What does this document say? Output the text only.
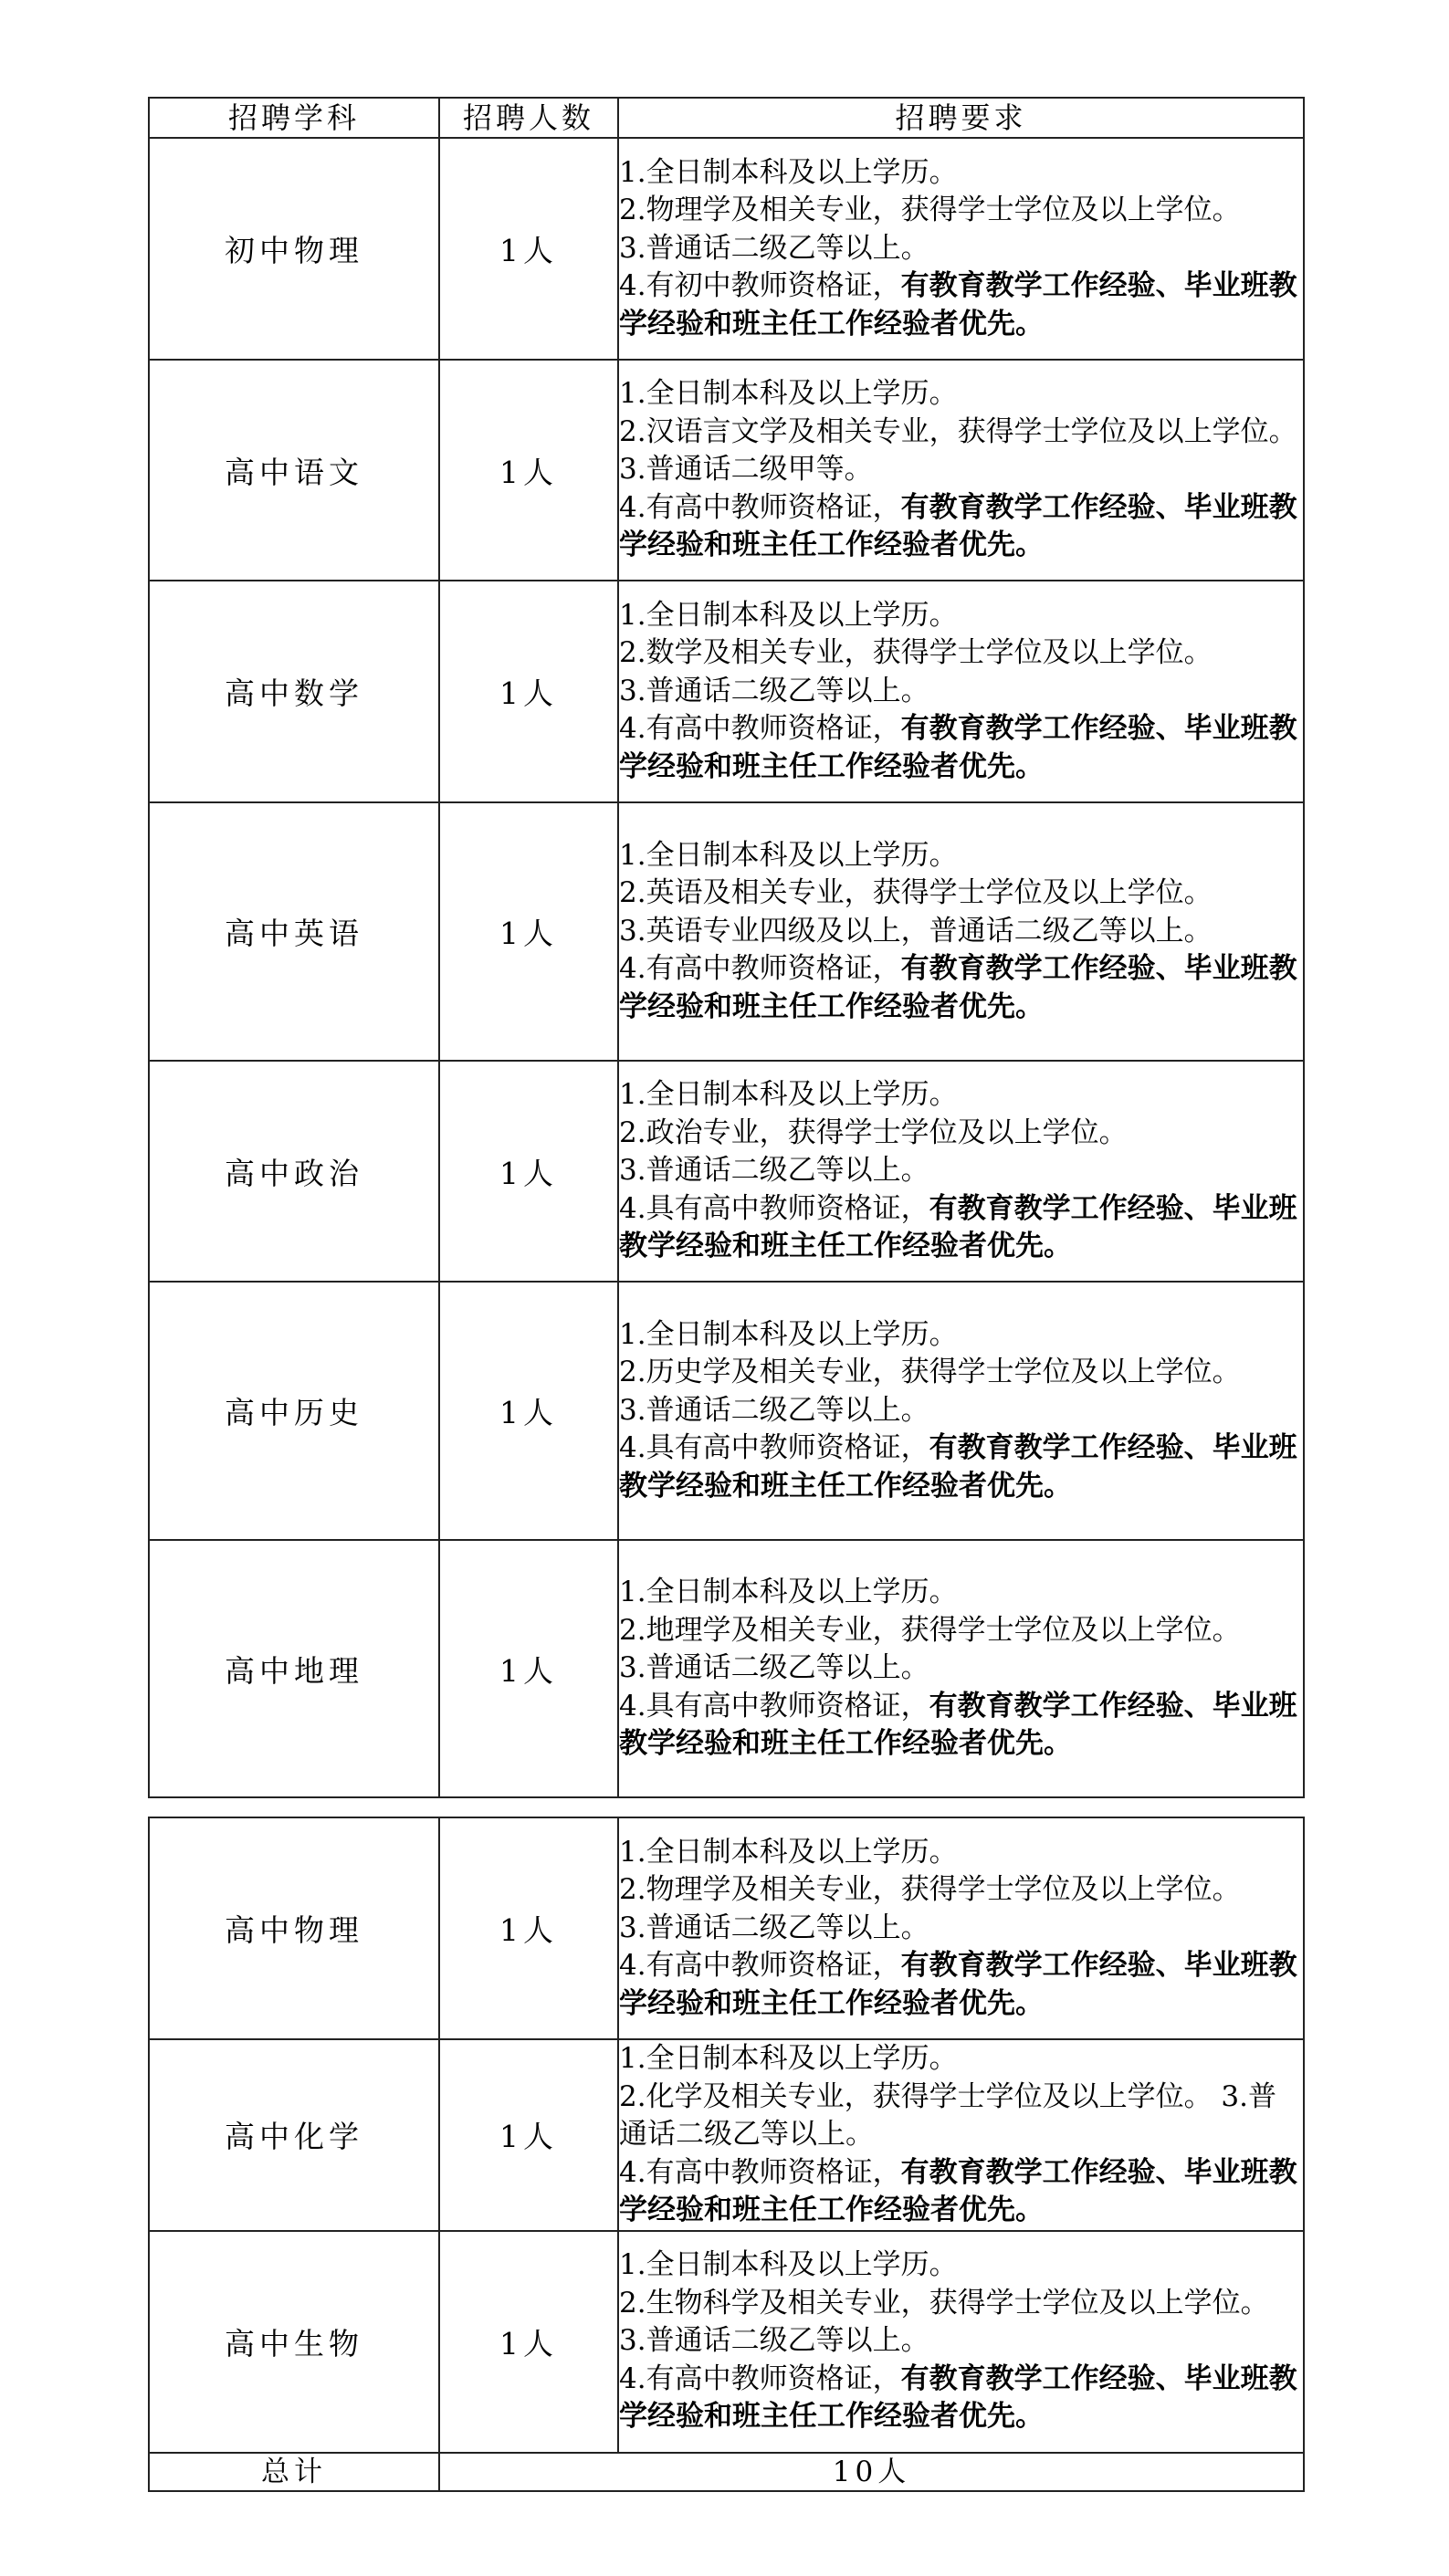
招聘学科	招聘人数	招聘要求
初中物理	1人	1.全日制本科及以上学历。
2.物理学及相关专业，获得学士学位及以上学位。
3.普通话二级乙等以上。
4.有初中教师资格证，有教育教学工作经验、毕业班教学经验和班主任工作经验者优先。

高中语文	1人	1.全日制本科及以上学历。
2.汉语言文学及相关专业，获得学士学位及以上学位。
3.普通话二级甲等。
4.有高中教师资格证，有教育教学工作经验、毕业班教学经验和班主任工作经验者优先。

高中数学	1人	1.全日制本科及以上学历。
2.数学及相关专业，获得学士学位及以上学位。
3.普通话二级乙等以上。
4.有高中教师资格证，有教育教学工作经验、毕业班教学经验和班主任工作经验者优先。

高中英语	1人	1.全日制本科及以上学历。
2.英语及相关专业，获得学士学位及以上学位。
3.英语专业四级及以上，普通话二级乙等以上。
4.有高中教师资格证，有教育教学工作经验、毕业班教学经验和班主任工作经验者优先。

高中政治	1人	1.全日制本科及以上学历。
2.政治专业，获得学士学位及以上学位。
3.普通话二级乙等以上。
4.具有高中教师资格证，有教育教学工作经验、毕业班教学经验和班主任工作经验者优先。

高中历史	1人	1.全日制本科及以上学历。
2.历史学及相关专业，获得学士学位及以上学位。
3.普通话二级乙等以上。
4.具有高中教师资格证，有教育教学工作经验、毕业班教学经验和班主任工作经验者优先。

高中地理	1人	1.全日制本科及以上学历。
2.地理学及相关专业，获得学士学位及以上学位。
3.普通话二级乙等以上。
4.具有高中教师资格证，有教育教学工作经验、毕业班教学经验和班主任工作经验者优先。
高中物理	1人	1.全日制本科及以上学历。
2.物理学及相关专业，获得学士学位及以上学位。
3.普通话二级乙等以上。
4.有高中教师资格证，有教育教学工作经验、毕业班教学经验和班主任工作经验者优先。

高中化学	1人	1.全日制本科及以上学历。
2.化学及相关专业，获得学士学位及以上学位。 3.普通话二级乙等以上。
4.有高中教师资格证，有教育教学工作经验、毕业班教学经验和班主任工作经验者优先。

高中生物	1人	1.全日制本科及以上学历。
2.生物科学及相关专业，获得学士学位及以上学位。
3.普通话二级乙等以上。
4.有高中教师资格证，有教育教学工作经验、毕业班教学经验和班主任工作经验者优先。

总计	10人	
